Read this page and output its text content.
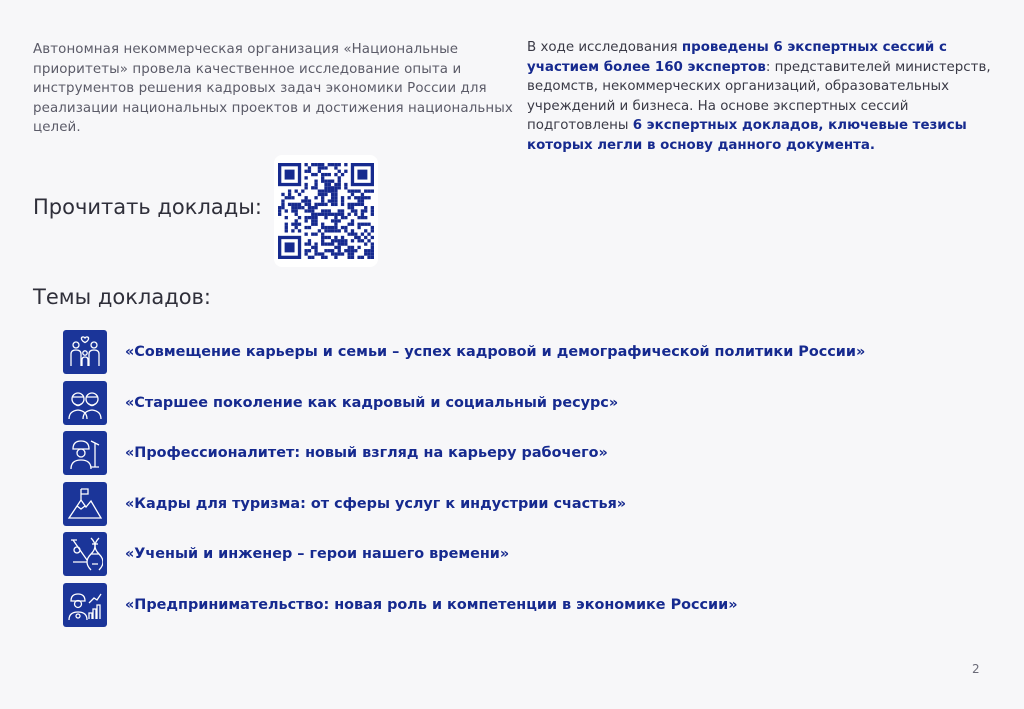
Автономная некоммерческая организация «Национальные приоритеты» провела качественное исследование опыта и инструментов решения кадровых задач экономики России для реализации национальных проектов и достижения национальных целей.
В ходе исследования проведены 6 экспертных сессий с участием более 160 экспертов: представителей министерств, ведомств, некоммерческих организаций, образовательных учреждений и бизнеса. На основе экспертных сессий подготовлены 6 экспертных докладов, ключевые тезисы которых легли в основу данного документа.
Прочитать доклады:
Темы докладов:
«Совмещение карьеры и семьи – успех кадровой и демографической политики России»
«Старшее поколение как кадровый и социальный ресурс»
«Профессионалитет: новый взгляд на карьеру рабочего»
«Кадры для туризма: от сферы услуг к индустрии счастья»
«Ученый и инженер – герои нашего времени»
«Предпринимательство: новая роль и компетенции в экономике России»
2
